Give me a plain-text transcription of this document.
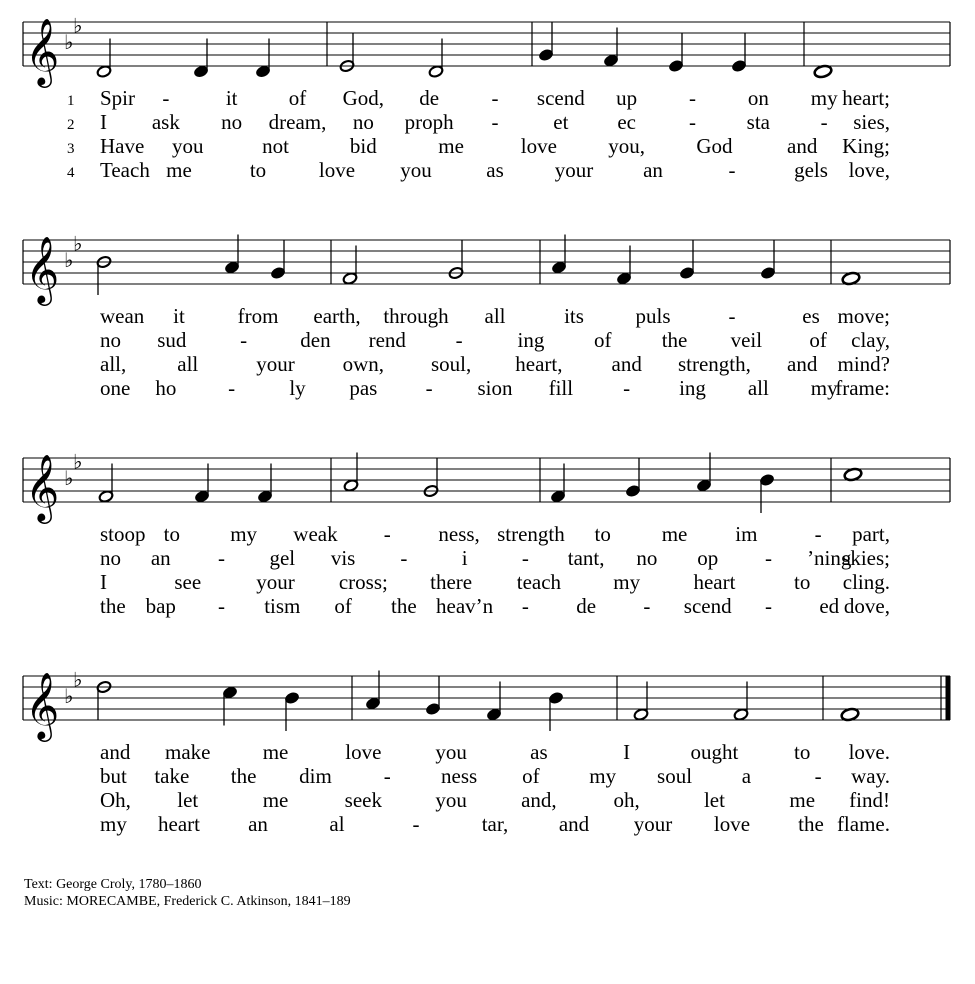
𝄞 ♭
♭
1 Spir -	it of God, de - scend up - on my heart;
2 I ask no dream, no proph -	et ec	- sta - sies,
3 Have you	not	bid	me	love you, God	and King;
4 Teach me	to	love you	as your an	-	gels love,
𝄞 ♭
♭
wean it	from earth, through all	its puls	-	es move;
no sud	-	den rend -	ing of the veil of clay,
all, all	your own, soul, heart, and strength, and mind?
one ho -	ly pas - sion fill - ing all my
frame:
𝄞 ♭
♭
stoop to my weak - ness, strength to me im	- part,
no an - gel vis -	i	- tant, no op - ’ning
skies;
I	see	your cross; there teach my	heart	to cling.
the bap - tism of the heav’n - de - scend - ed dove,
𝄞 ♭
♭
and make me	love	you	as	I	ought	to love.
but take the dim - ness of my soul a	- way.
Oh, let	me	seek	you	and,	oh,	let	me find!
my heart an	al	-	tar, and your love the flame.
Text: George Croly, 1780–1860
Music: MORECAMBE, Frederick C. Atkinson, 1841–189
